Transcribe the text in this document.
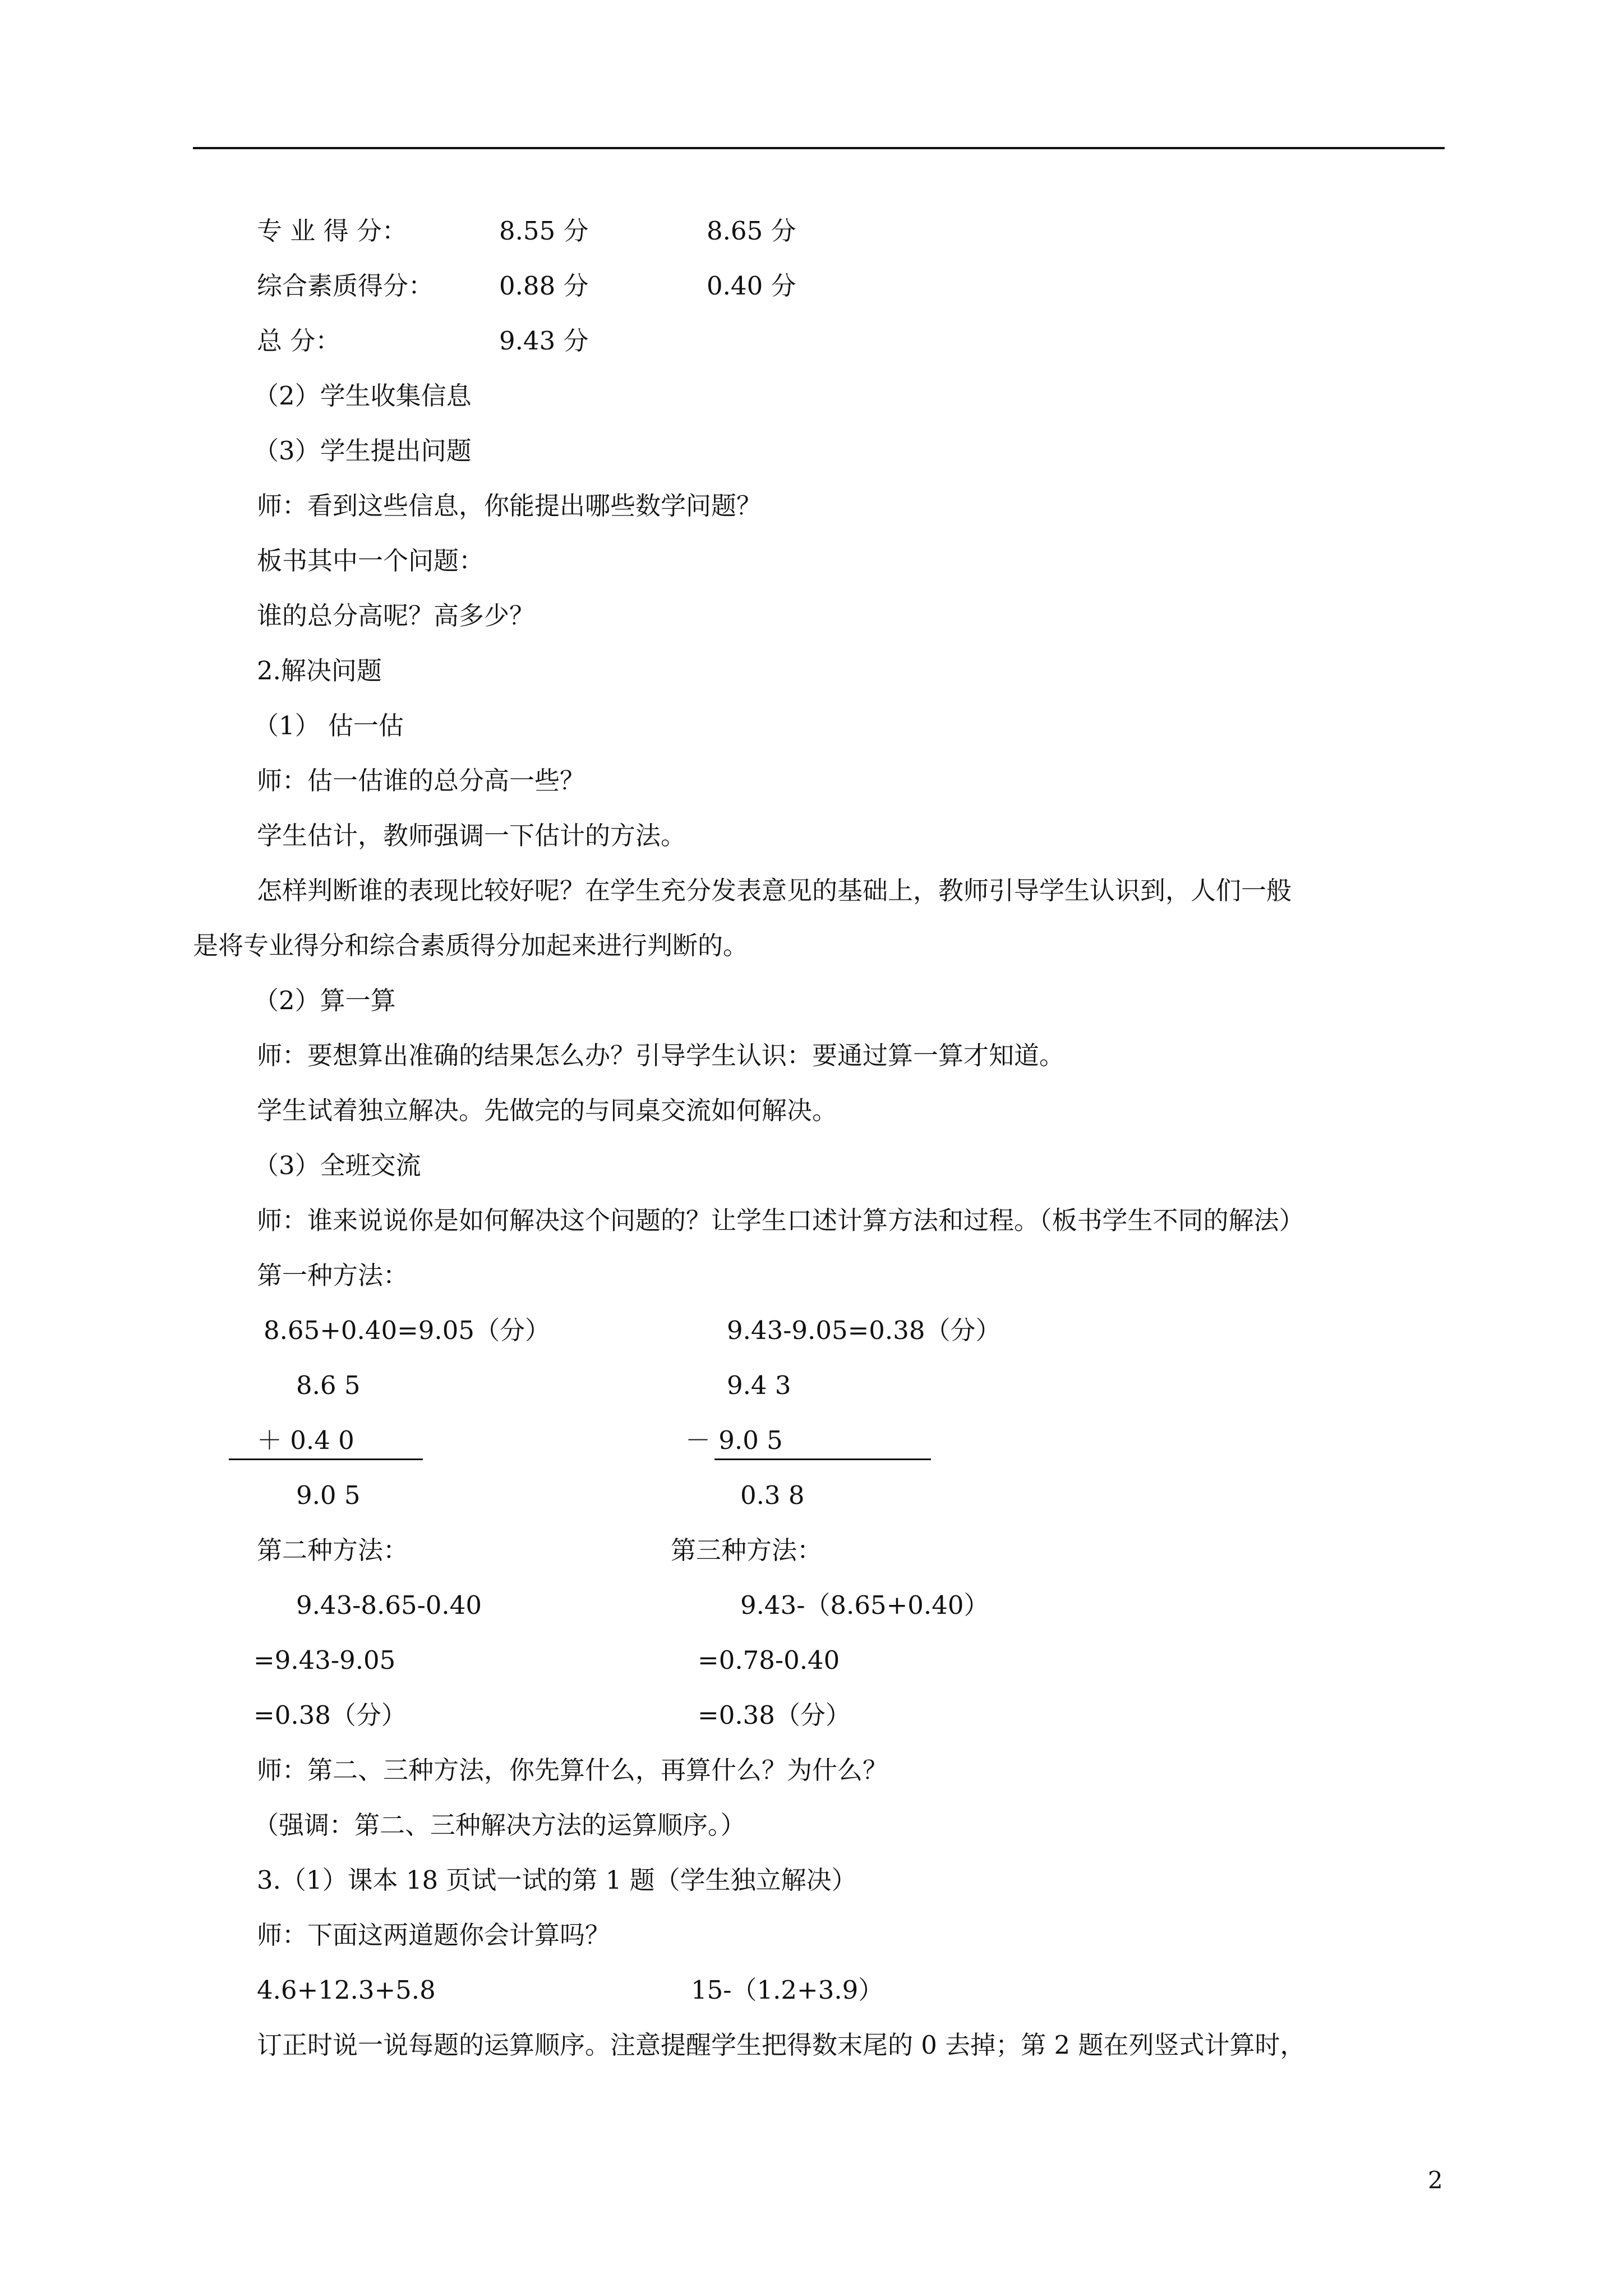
专 业 得 分：	8.55 分	8.65 分
综合素质得分：	0.88 分	0.40 分
总 分：	9.43 分
（2）学生收集信息
（3）学生提出问题
师：看到这些信息，你能提出哪些数学问题？
板书其中一个问题：
谁的总分高呢？高多少？
2.解决问题
（1） 估一估
师：估一估谁的总分高一些？
学生估计，教师强调一下估计的方法。
怎样判断谁的表现比较好呢？在学生充分发表意见的基础上，教师引导学生认识到，人们一般
是将专业得分和综合素质得分加起来进行判断的。
（2）算一算
师：要想算出准确的结果怎么办？引导学生认识：要通过算一算才知道。
学生试着独立解决。先做完的与同桌交流如何解决。
（3）全班交流
师：谁来说说你是如何解决这个问题的？让学生口述计算方法和过程。（板书学生不同的解法）
第一种方法：
8.65+0.40=9.05（分）	9.43-9.05=0.38（分）
8.6 5	9.4 3
＋ 0.4 0	－ 9.0 5
9.0 5	0.3 8
第二种方法：	第三种方法：
9.43-8.65-0.40	9.43-（8.65+0.40）
=9.43-9.05	=0.78-0.40
=0.38（分）	=0.38（分）
师：第二、三种方法，你先算什么，再算什么？为什么？
（强调：第二、三种解决方法的运算顺序。）
3.（1）课本 18 页试一试的第 1 题（学生独立解决）
师：下面这两道题你会计算吗？
4.6+12.3+5.8	15-（1.2+3.9）
订正时说一说每题的运算顺序。注意提醒学生把得数末尾的 0 去掉；第 2 题在列竖式计算时，
2
